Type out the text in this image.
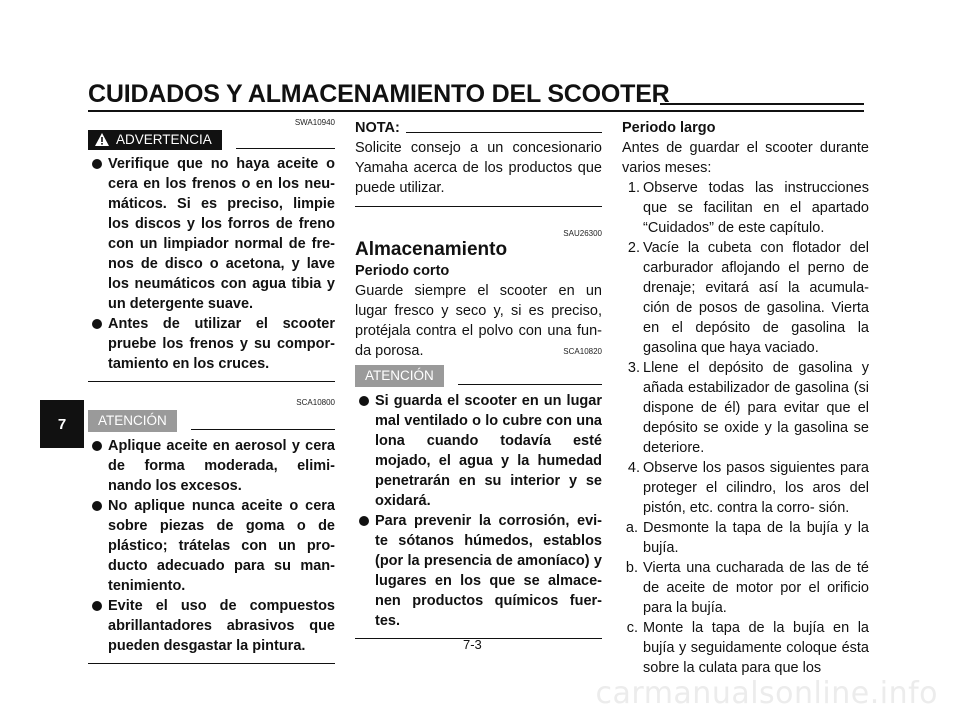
CUIDADOS Y ALMACENAMIENTO DEL SCOOTER
7
SWA10940
ADVERTENCIA
Verifique que no haya aceite o cera en los frenos o en los neu- máticos. Si es preciso, limpie los discos y los forros de freno con un limpiador normal de fre- nos de disco o acetona, y lave los neumáticos con agua tibia y un detergente suave.
Antes de utilizar el scooter pruebe los frenos y su compor- tamiento en los cruces.
SCA10800
ATENCIÓN
Aplique aceite en aerosol y cera de forma moderada, elimi- nando los excesos.
No aplique nunca aceite o cera sobre piezas de goma o de plástico; trátelas con un pro- ducto adecuado para su man- tenimiento.
Evite el uso de compuestos abrillantadores abrasivos que pueden desgastar la pintura.
NOTA:

Solicite consejo a un concesionario Yamaha acerca de los productos que puede utilizar.

SAU26300
Almacenamiento
Periodo corto

Guarde siempre el scooter en un lugar fresco y seco y, si es preciso, protéjala contra el polvo con una fun- da porosa.	SCA10820
ATENCIÓN
Si guarda el scooter en un lugar mal ventilado o lo cubre con una lona cuando todavía esté mojado, el agua y la humedad penetrarán en su interior y se oxidará.
Para prevenir la corrosión, evi- te sótanos húmedos, establos (por la presencia de amoníaco) y lugares en los que se almace- nen productos químicos fuer- tes.
Periodo largo

Antes de guardar el scooter durante varios meses:

1. Observe todas las instrucciones que se facilitan en el apartado “Cuidados” de este capítulo.
2. Vacíe la cubeta con flotador del carburador aflojando el perno de drenaje; evitará así la acumula- ción de posos de gasolina. Vierta en el depósito de gasolina la gasolina que haya vaciado.
3. Llene el depósito de gasolina y añada estabilizador de gasolina (si dispone de él) para evitar que el depósito se oxide y la gasolina se deteriore.
4. Observe los pasos siguientes para proteger el cilindro, los aros del pistón, etc. contra la corro- sión.
a. Desmonte la tapa de la bujía y la bujía.
b. Vierta una cucharada de las de té de aceite de motor por el orificio para la bujía.
c. Monte la tapa de la bujía en la bujía y seguidamente coloque ésta sobre la culata para que los
7-3
carmanualsonline.info
